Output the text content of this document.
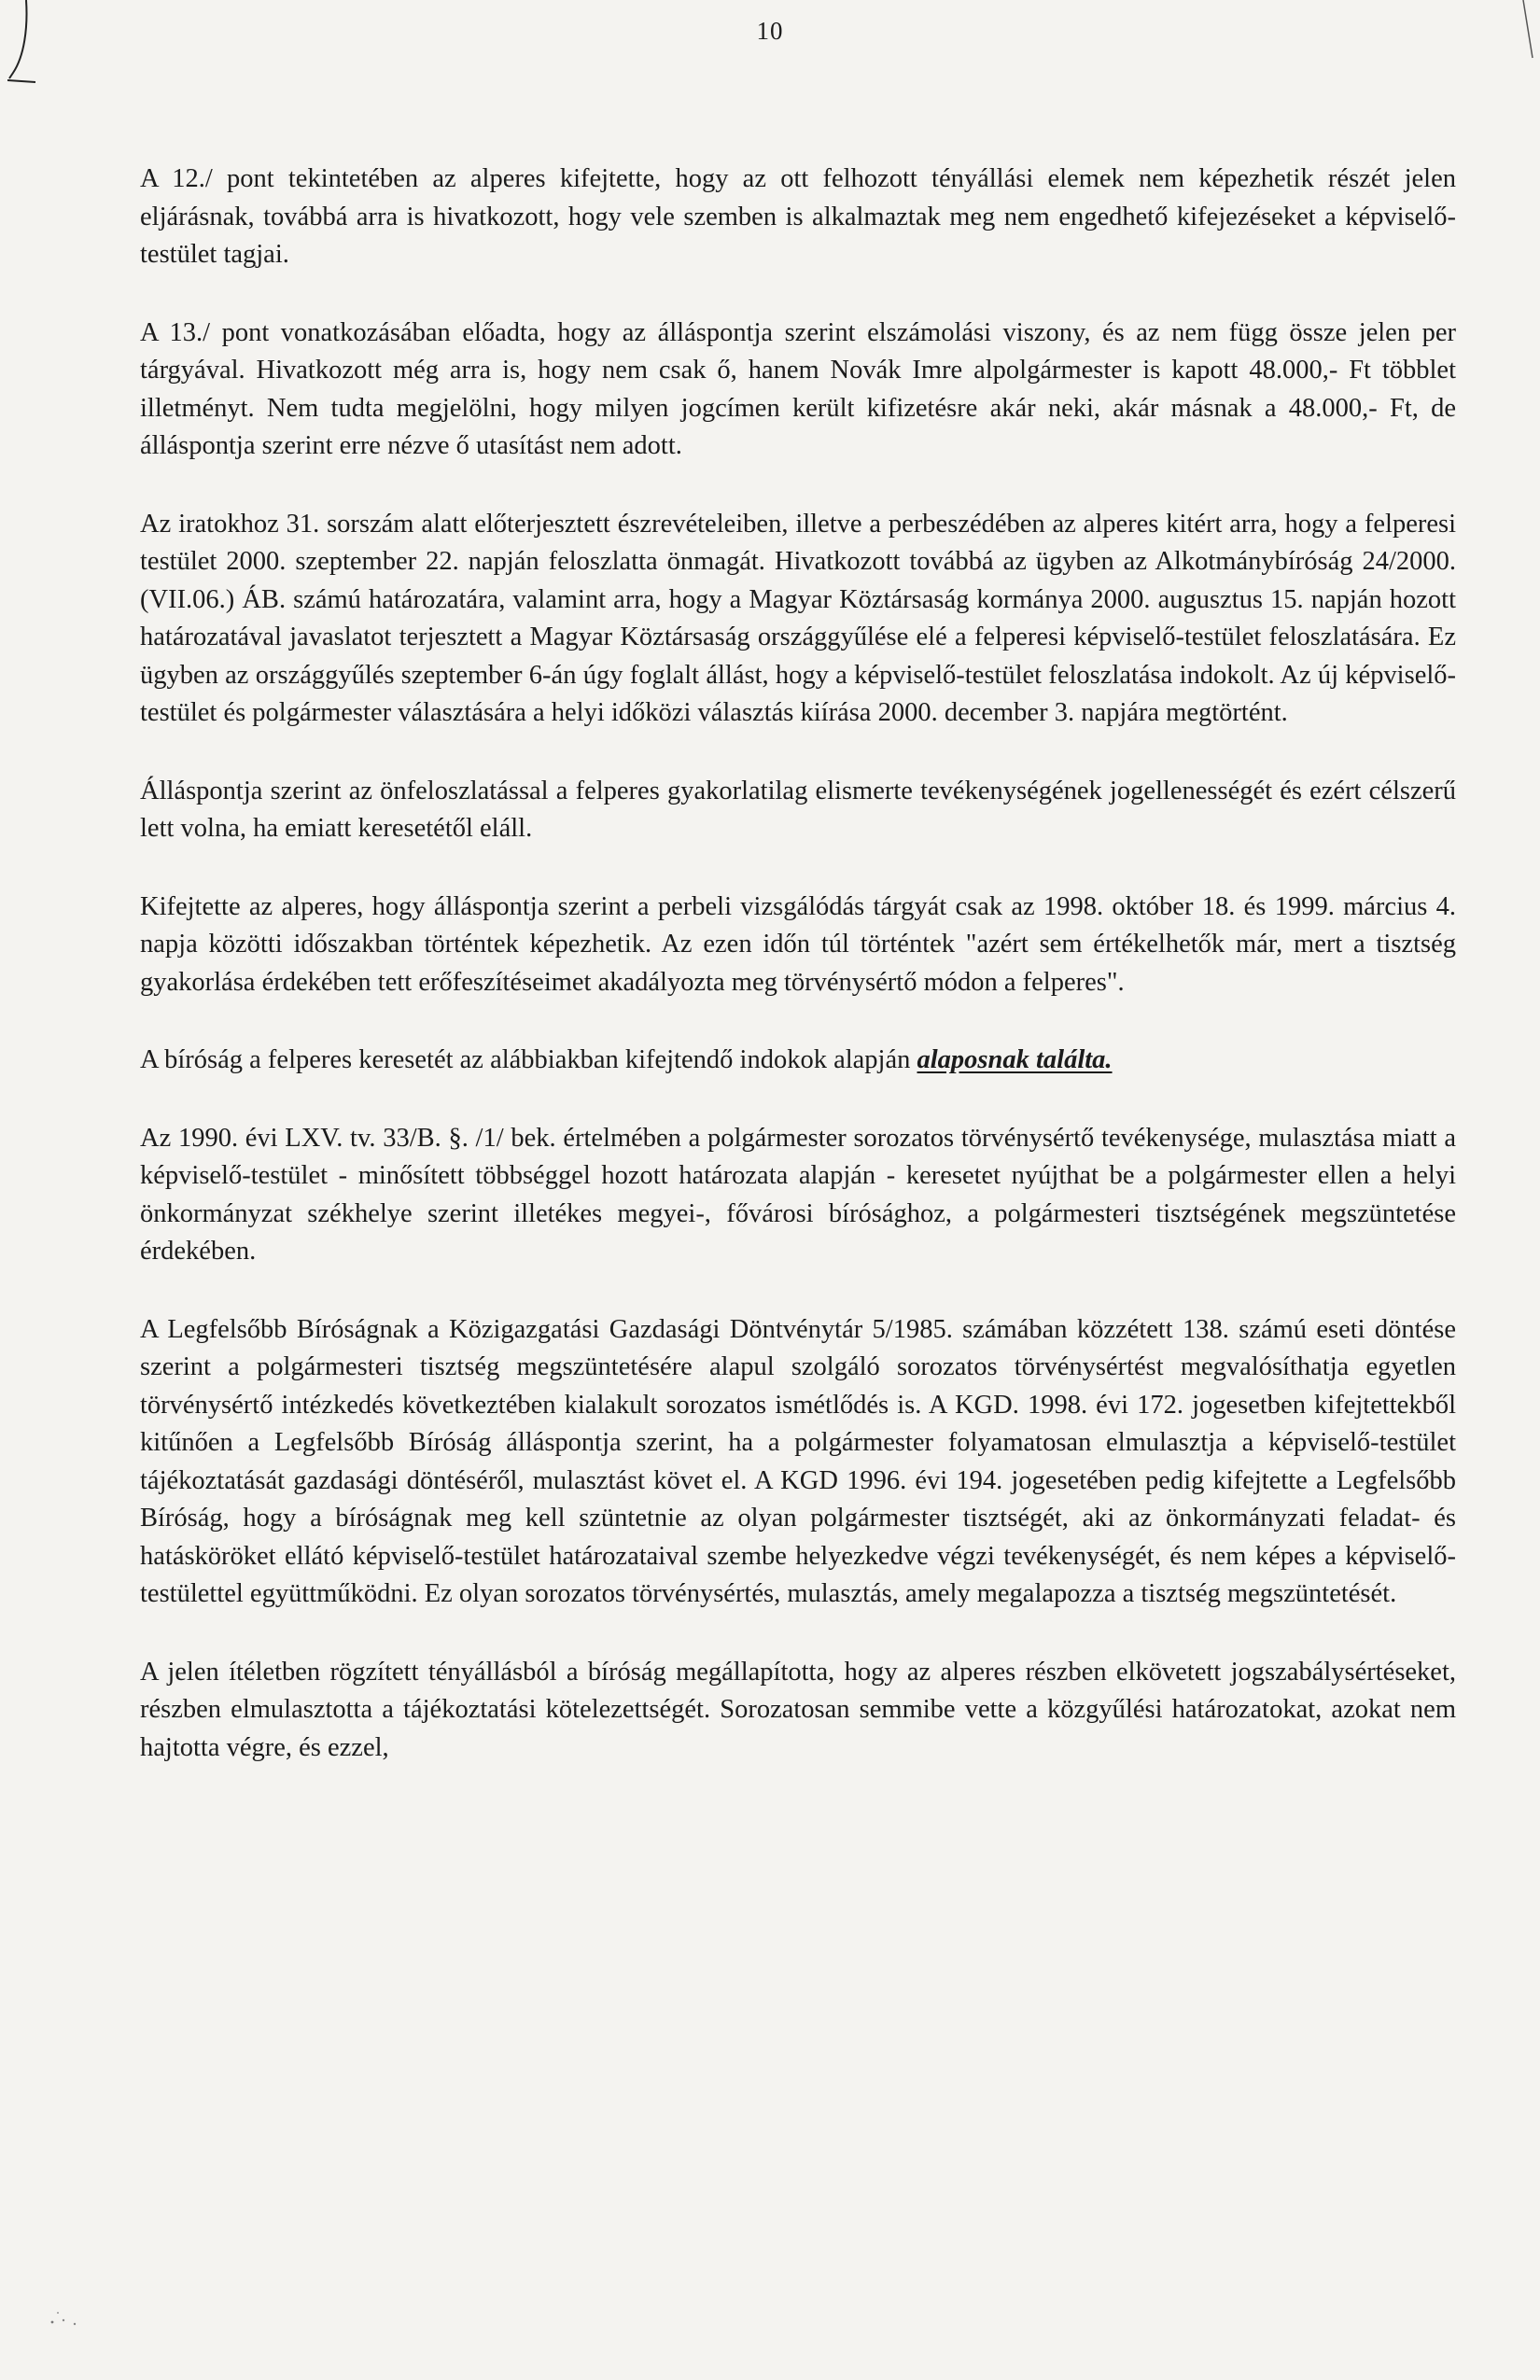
10

A 12./ pont tekintetében az alperes kifejtette, hogy az ott felhozott tényállási elemek nem képezhetik részét jelen eljárásnak, továbbá arra is hivatkozott, hogy vele szemben is alkalmaztak meg nem engedhető kifejezéseket a képviselő-testület tagjai.

A 13./ pont vonatkozásában előadta, hogy az álláspontja szerint elszámolási viszony, és az nem függ össze jelen per tárgyával. Hivatkozott még arra is, hogy nem csak ő, hanem Novák Imre alpolgármester is kapott 48.000,- Ft többlet illetményt. Nem tudta megjelölni, hogy milyen jogcímen került kifizetésre akár neki, akár másnak a 48.000,- Ft, de álláspontja szerint erre nézve ő utasítást nem adott.

Az iratokhoz 31. sorszám alatt előterjesztett észrevételeiben, illetve a perbeszédében az alperes kitért arra, hogy a felperesi testület 2000. szeptember 22. napján feloszlatta önmagát. Hivatkozott továbbá az ügyben az Alkotmánybíróság 24/2000. (VII.06.) ÁB. számú határozatára, valamint arra, hogy a Magyar Köztársaság kormánya 2000. augusztus 15. napján hozott határozatával javaslatot terjesztett a Magyar Köztársaság országgyűlése elé a felperesi képviselő-testület feloszlatására. Ez ügyben az országgyűlés szeptember 6-án úgy foglalt állást, hogy a képviselő-testület feloszlatása indokolt. Az új képviselő-testület és polgármester választására a helyi időközi választás kiírása 2000. december 3. napjára megtörtént.

Álláspontja szerint az önfeloszlatással a felperes gyakorlatilag elismerte tevékenységének jogellenességét és ezért célszerű lett volna, ha emiatt keresetétől eláll.

Kifejtette az alperes, hogy álláspontja szerint a perbeli vizsgálódás tárgyát csak az 1998. október 18. és 1999. március 4. napja közötti időszakban történtek képezhetik. Az ezen időn túl történtek "azért sem értékelhetők már, mert a tisztség gyakorlása érdekében tett erőfeszítéseimet akadályozta meg törvénysértő módon a felperes".

A bíróság a felperes keresetét az alábbiakban kifejtendő indokok alapján alaposnak találta.

Az 1990. évi LXV. tv. 33/B. §. /1/ bek. értelmében a polgármester sorozatos törvénysértő tevékenysége, mulasztása miatt a képviselő-testület - minősített többséggel hozott határozata alapján - keresetet nyújthat be a polgármester ellen a helyi önkormányzat székhelye szerint illetékes megyei-, fővárosi bírósághoz, a polgármesteri tisztségének megszüntetése érdekében.

A Legfelsőbb Bíróságnak a Közigazgatási Gazdasági Döntvénytár 5/1985. számában közzétett 138. számú eseti döntése szerint a polgármesteri tisztség megszüntetésére alapul szolgáló sorozatos törvénysértést megvalósíthatja egyetlen törvénysértő intézkedés következtében kialakult sorozatos ismétlődés is. A KGD. 1998. évi 172. jogesetben kifejtettekből kitűnően a Legfelsőbb Bíróság álláspontja szerint, ha a polgármester folyamatosan elmulasztja a képviselő-testület tájékoztatását gazdasági döntéséről, mulasztást követ el. A KGD 1996. évi 194. jogesetében pedig kifejtette a Legfelsőbb Bíróság, hogy a bíróságnak meg kell szüntetnie az olyan polgármester tisztségét, aki az önkormányzati feladat- és hatásköröket ellátó képviselő-testület határozataival szembe helyezkedve végzi tevékenységét, és nem képes a képviselő-testülettel együttműködni. Ez olyan sorozatos törvénysértés, mulasztás, amely megalapozza a tisztség megszüntetését.

A jelen ítéletben rögzített tényállásból a bíróság megállapította, hogy az alperes részben elkövetett jogszabálysértéseket, részben elmulasztotta a tájékoztatási kötelezettségét. Sorozatosan semmibe vette a közgyűlési határozatokat, azokat nem hajtotta végre, és ezzel,
